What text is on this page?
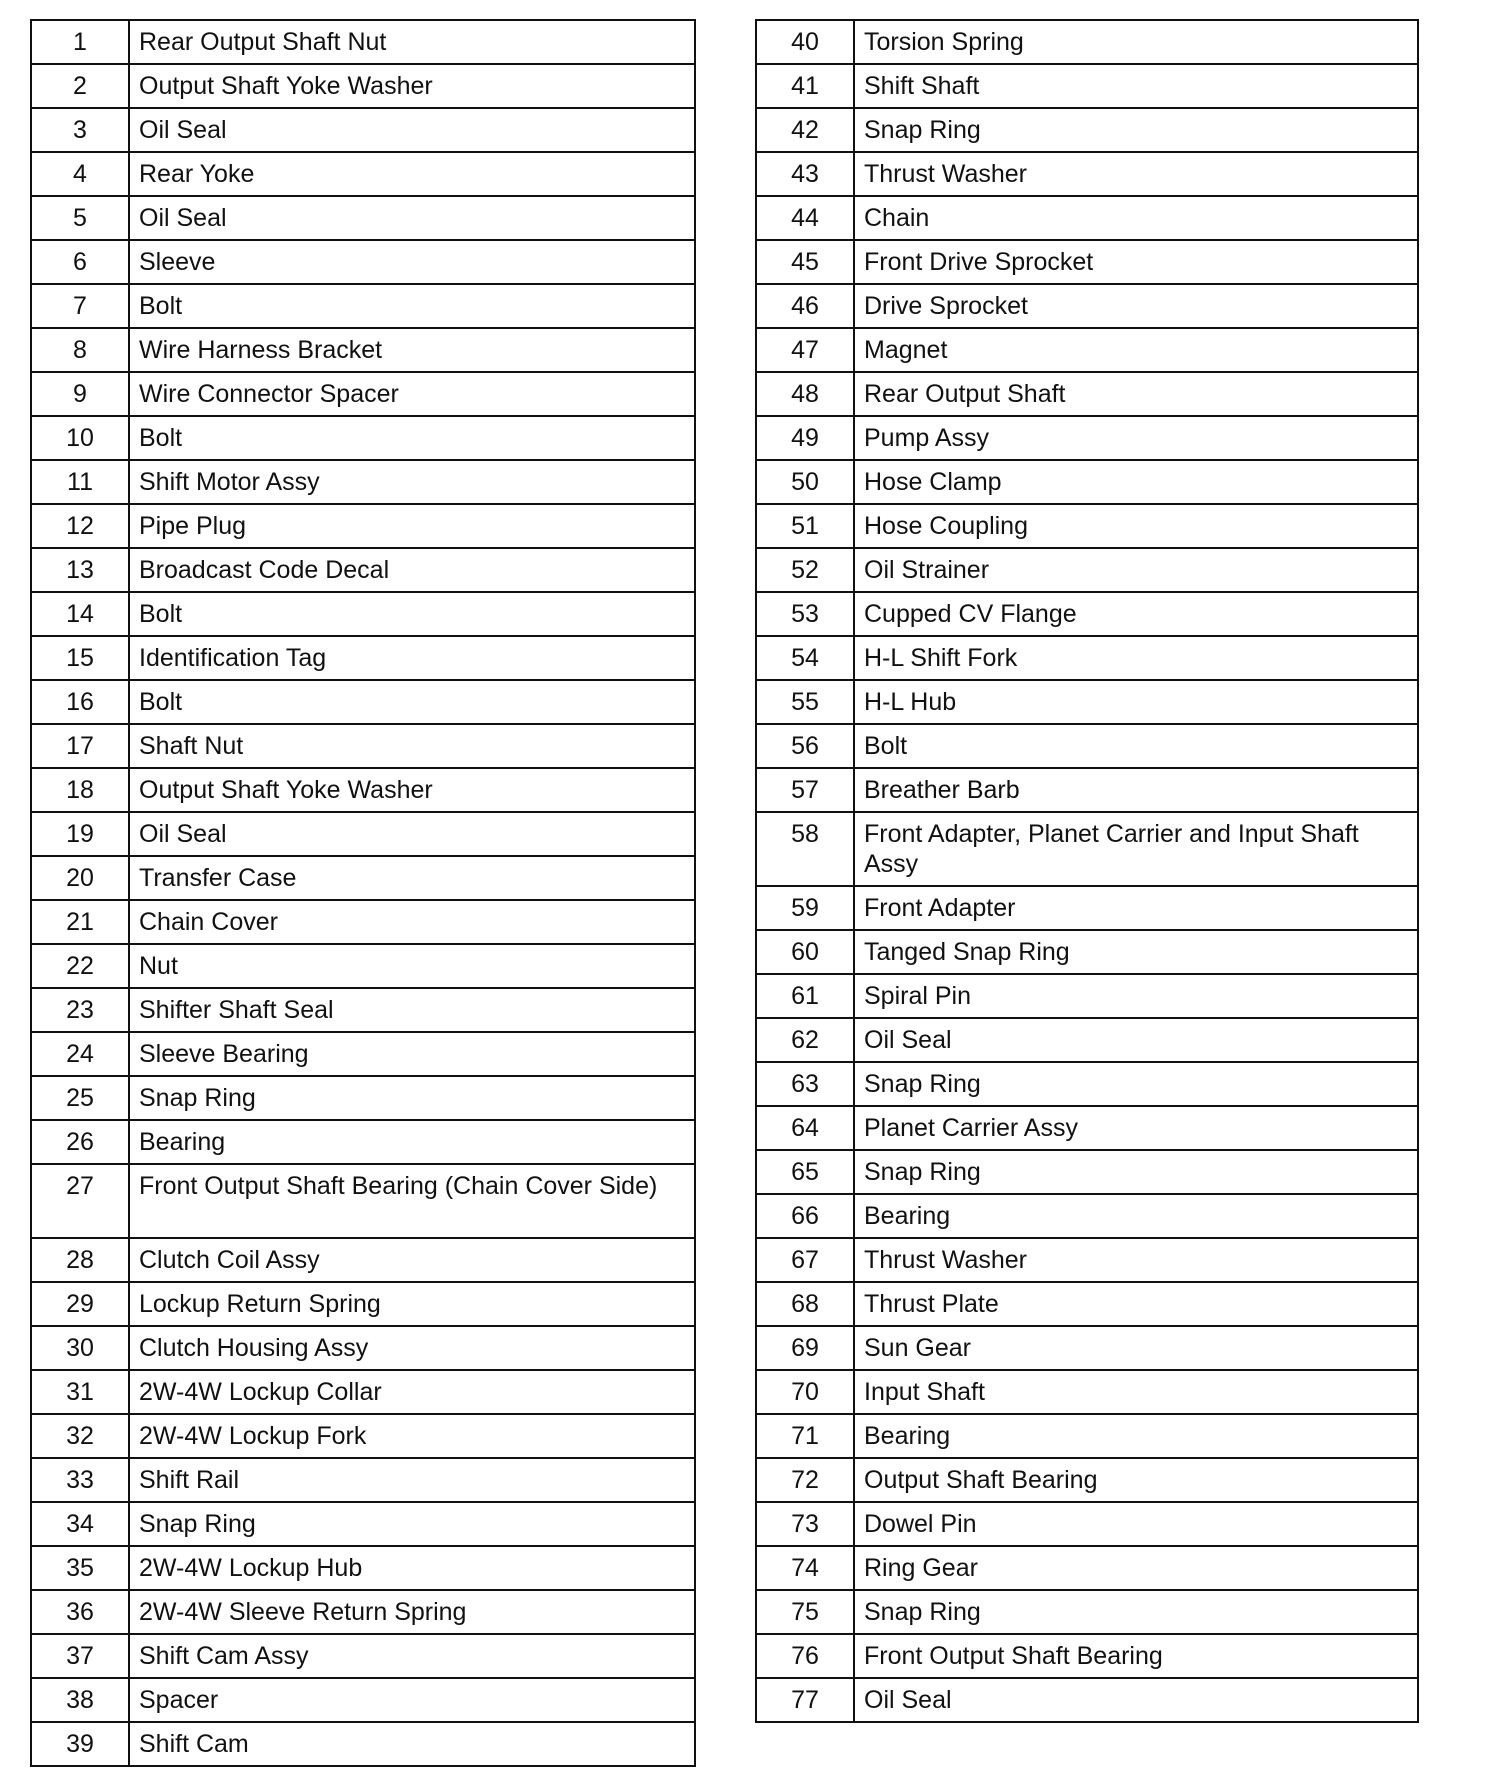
1	Rear Output Shaft Nut
2	Output Shaft Yoke Washer
3	Oil Seal
4	Rear Yoke
5	Oil Seal
6	Sleeve
7	Bolt
8	Wire Harness Bracket
9	Wire Connector Spacer
10	Bolt
11	Shift Motor Assy
12	Pipe Plug
13	Broadcast Code Decal
14	Bolt
15	Identification Tag
16	Bolt
17	Shaft Nut
18	Output Shaft Yoke Washer
19	Oil Seal
20	Transfer Case
21	Chain Cover
22	Nut
23	Shifter Shaft Seal
24	Sleeve Bearing
25	Snap Ring
26	Bearing
27	Front Output Shaft Bearing (Chain Cover Side)
28	Clutch Coil Assy
29	Lockup Return Spring
30	Clutch Housing Assy
31	2W-4W Lockup Collar
32	2W-4W Lockup Fork
33	Shift Rail
34	Snap Ring
35	2W-4W Lockup Hub
36	2W-4W Sleeve Return Spring
37	Shift Cam Assy
38	Spacer
39	Shift Cam
40	Torsion Spring
41	Shift Shaft
42	Snap Ring
43	Thrust Washer
44	Chain
45	Front Drive Sprocket
46	Drive Sprocket
47	Magnet
48	Rear Output Shaft
49	Pump Assy
50	Hose Clamp
51	Hose Coupling
52	Oil Strainer
53	Cupped CV Flange
54	H-L Shift Fork
55	H-L Hub
56	Bolt
57	Breather Barb
58	Front Adapter, Planet Carrier and Input Shaft Assy
59	Front Adapter
60	Tanged Snap Ring
61	Spiral Pin
62	Oil Seal
63	Snap Ring
64	Planet Carrier Assy
65	Snap Ring
66	Bearing
67	Thrust Washer
68	Thrust Plate
69	Sun Gear
70	Input Shaft
71	Bearing
72	Output Shaft Bearing
73	Dowel Pin
74	Ring Gear
75	Snap Ring
76	Front Output Shaft Bearing
77	Oil Seal
